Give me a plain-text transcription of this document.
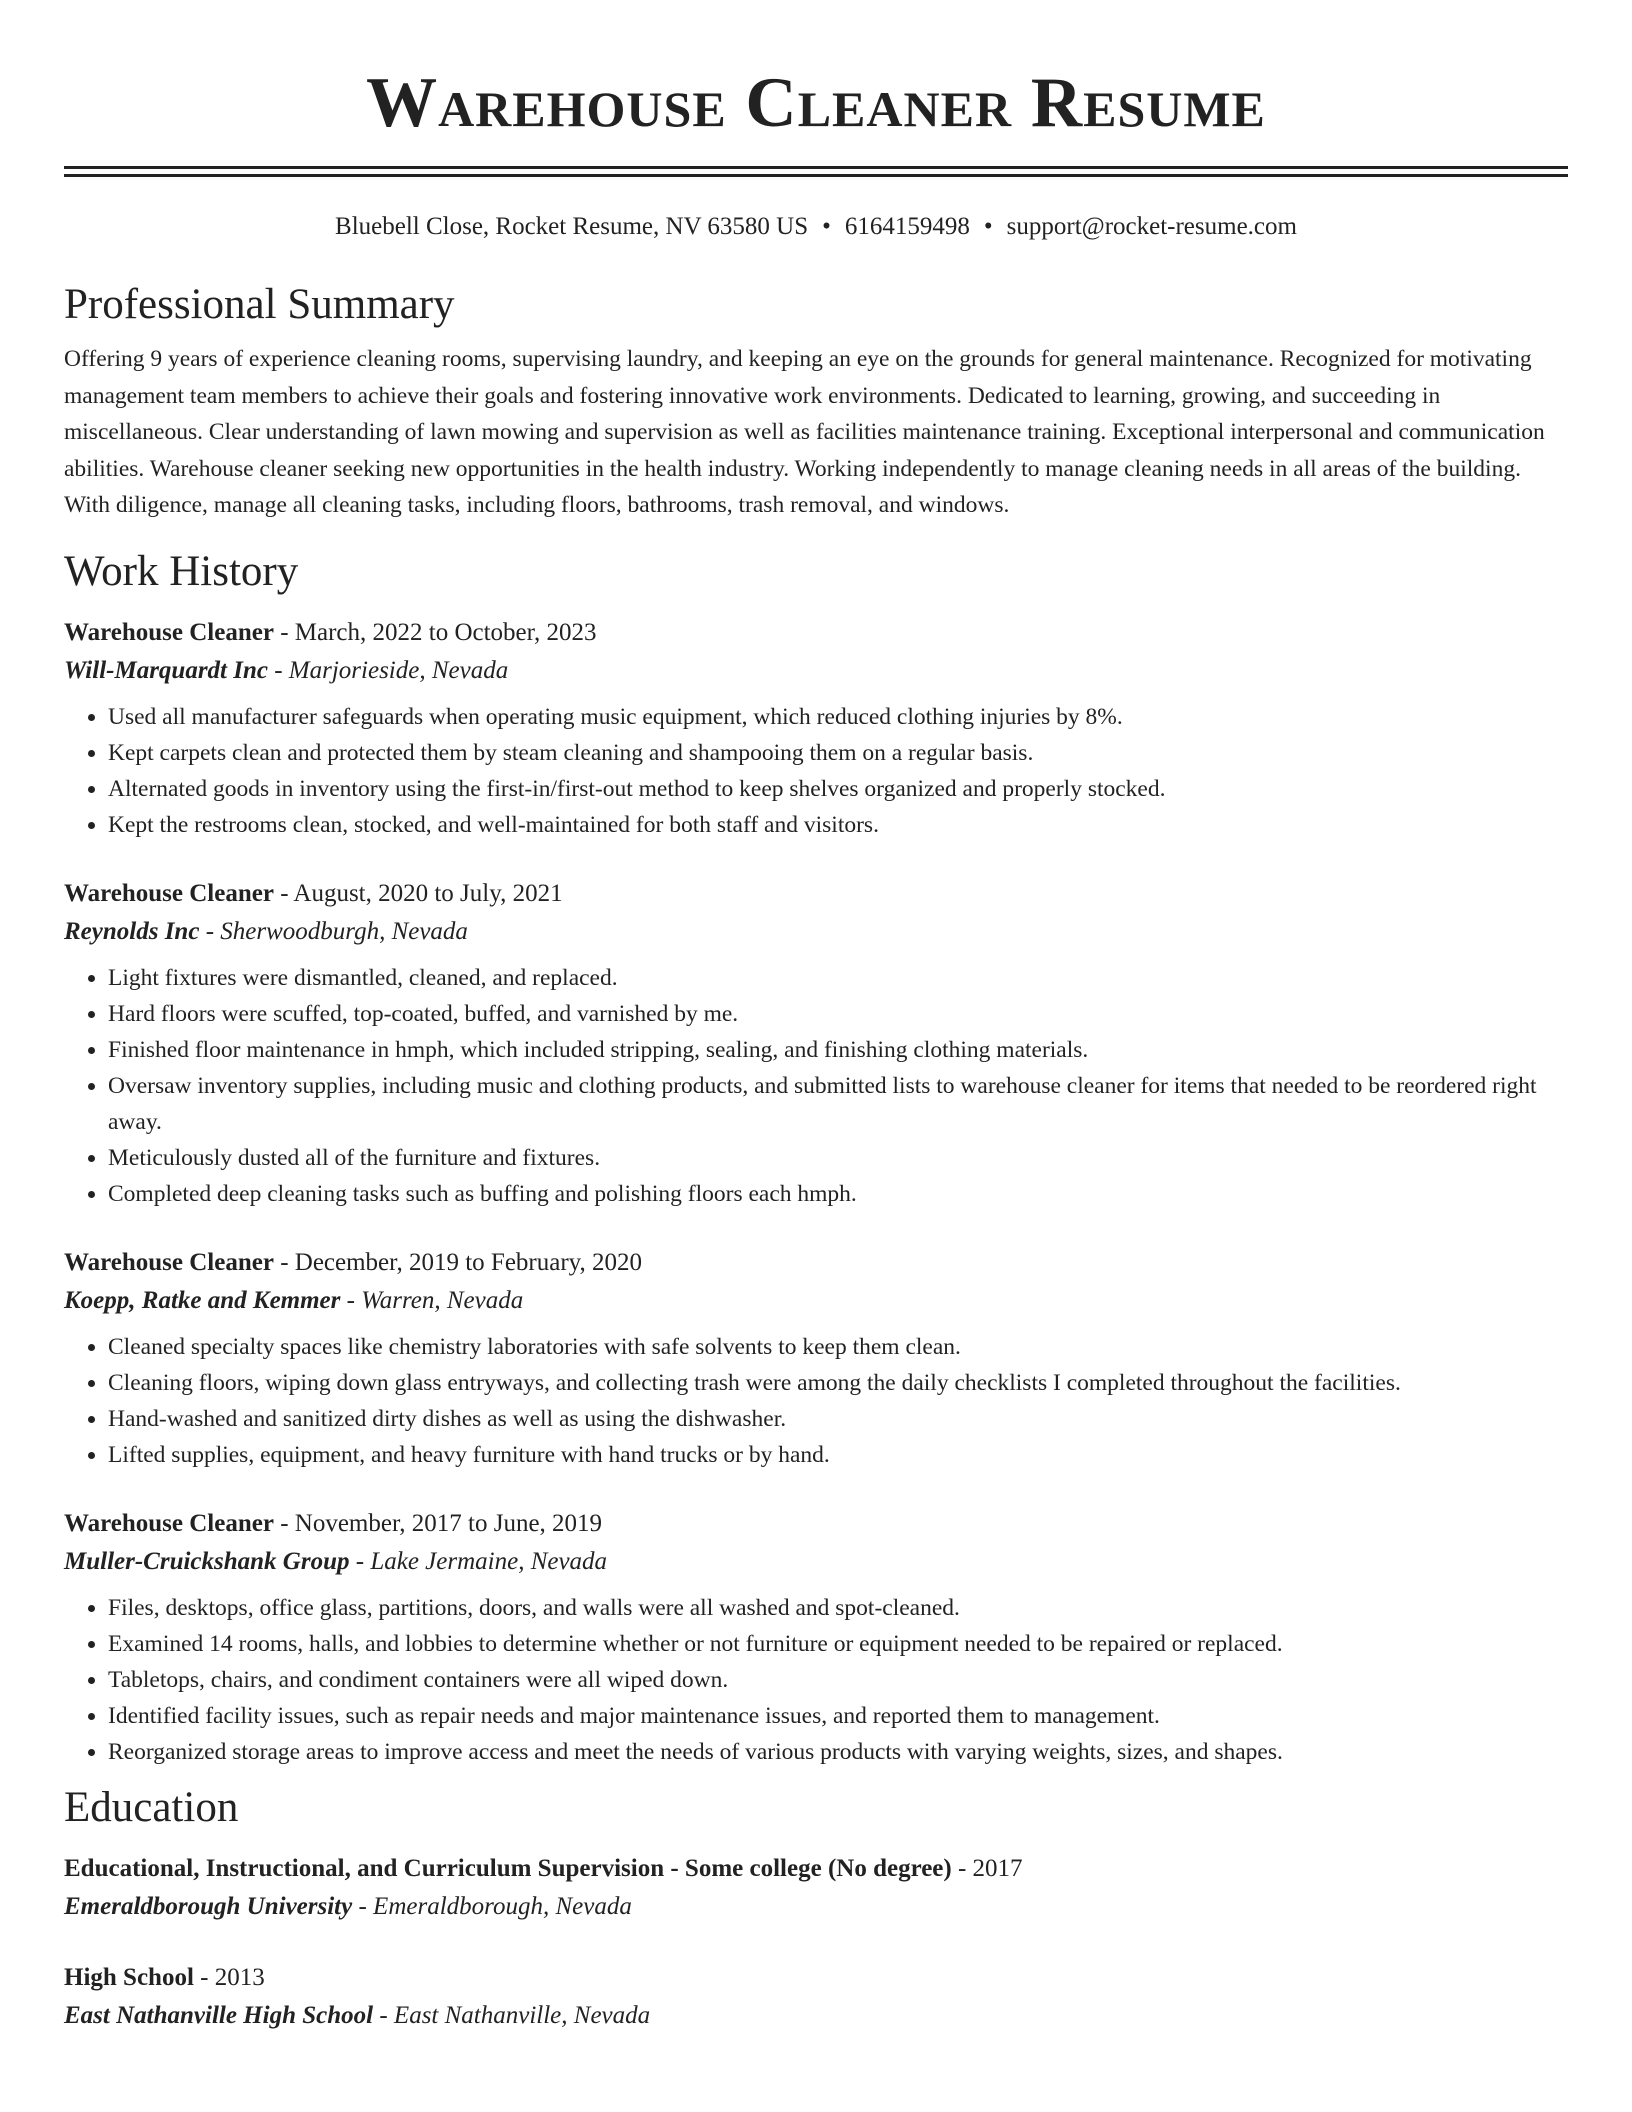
Warehouse Cleaner Resume
Bluebell Close, Rocket Resume, NV 63580 US • 6164159498 • support@rocket-resume.com
Professional Summary

Offering 9 years of experience cleaning rooms, supervising laundry, and keeping an eye on the grounds for general maintenance. Recognized for motivating management team members to achieve their goals and fostering innovative work environments. Dedicated to learning, growing, and succeeding in miscellaneous. Clear understanding of lawn mowing and supervision as well as facilities maintenance training. Exceptional interpersonal and communication abilities. Warehouse cleaner seeking new opportunities in the health industry. Working independently to manage cleaning needs in all areas of the building. With diligence, manage all cleaning tasks, including floors, bathrooms, trash removal, and windows.

Work History
Warehouse Cleaner - March, 2022 to October, 2023
Will-Marquardt Inc - Marjorieside, Nevada
• Used all manufacturer safeguards when operating music equipment, which reduced clothing injuries by 8%.
• Kept carpets clean and protected them by steam cleaning and shampooing them on a regular basis.
• Alternated goods in inventory using the first-in/first-out method to keep shelves organized and properly stocked.
• Kept the restrooms clean, stocked, and well-maintained for both staff and visitors.
Warehouse Cleaner - August, 2020 to July, 2021
Reynolds Inc - Sherwoodburgh, Nevada
• Light fixtures were dismantled, cleaned, and replaced.
• Hard floors were scuffed, top-coated, buffed, and varnished by me.
• Finished floor maintenance in hmph, which included stripping, sealing, and finishing clothing materials.
• Oversaw inventory supplies, including music and clothing products, and submitted lists to warehouse cleaner for items that needed to be reordered right away.
• Meticulously dusted all of the furniture and fixtures.
• Completed deep cleaning tasks such as buffing and polishing floors each hmph.
Warehouse Cleaner - December, 2019 to February, 2020
Koepp, Ratke and Kemmer - Warren, Nevada
• Cleaned specialty spaces like chemistry laboratories with safe solvents to keep them clean.
• Cleaning floors, wiping down glass entryways, and collecting trash were among the daily checklists I completed throughout the facilities.
• Hand-washed and sanitized dirty dishes as well as using the dishwasher.
• Lifted supplies, equipment, and heavy furniture with hand trucks or by hand.
Warehouse Cleaner - November, 2017 to June, 2019
Muller-Cruickshank Group - Lake Jermaine, Nevada
• Files, desktops, office glass, partitions, doors, and walls were all washed and spot-cleaned.
• Examined 14 rooms, halls, and lobbies to determine whether or not furniture or equipment needed to be repaired or replaced.
• Tabletops, chairs, and condiment containers were all wiped down.
• Identified facility issues, such as repair needs and major maintenance issues, and reported them to management.
• Reorganized storage areas to improve access and meet the needs of various products with varying weights, sizes, and shapes.
Education
Educational, Instructional, and Curriculum Supervision - Some college (No degree) - 2017
Emeraldborough University - Emeraldborough, Nevada
High School - 2013
East Nathanville High School - East Nathanville, Nevada
